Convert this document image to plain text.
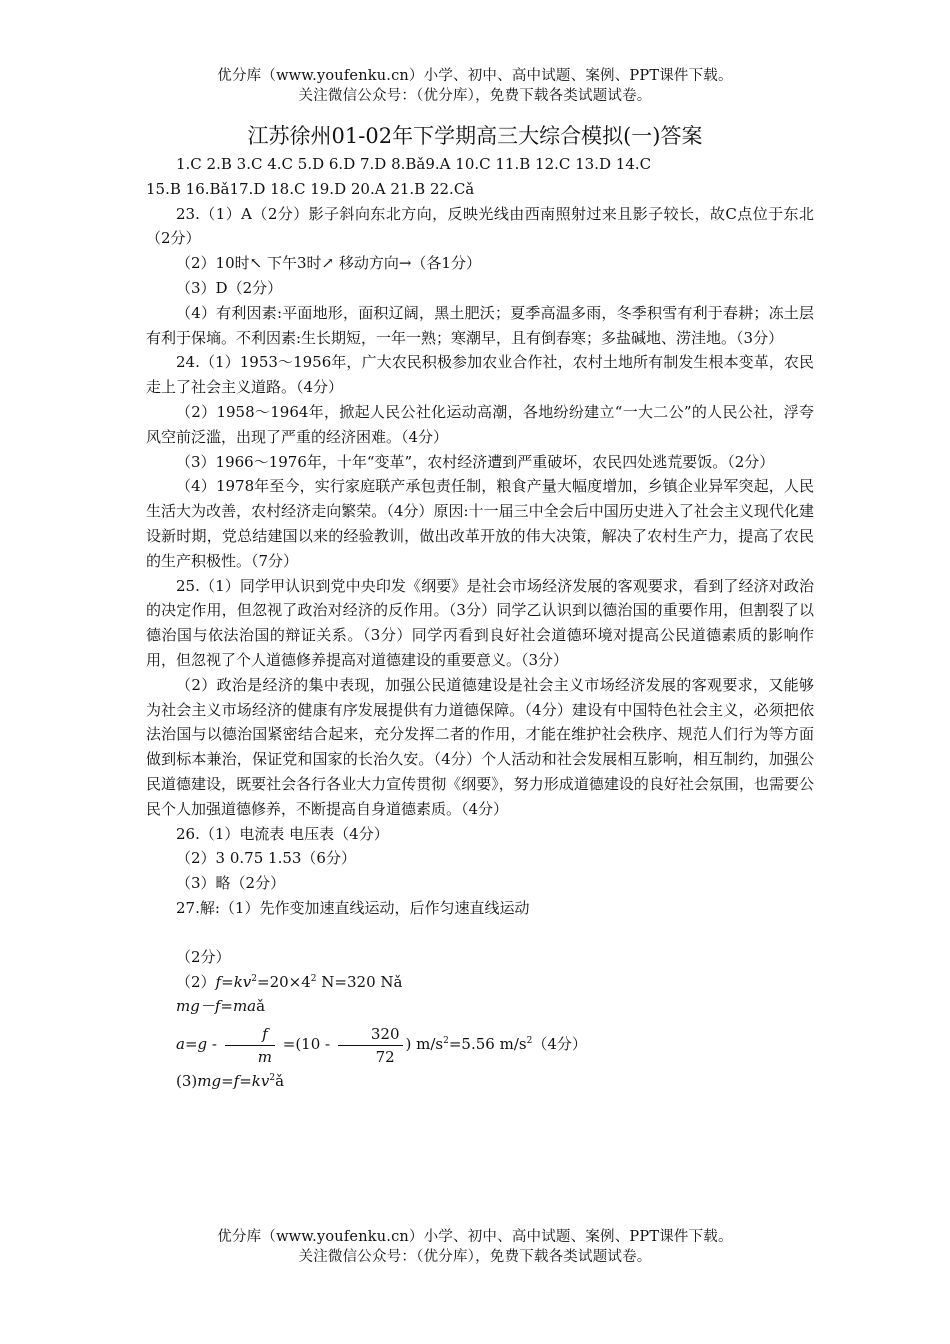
优分库（www.youfenku.cn）小学、初中、高中试题、案例、PPT课件下载。
关注微信公众号：（优分库），免费下载各类试题试卷。
江苏徐州01-02年下学期高三大综合模拟(一)答案

1.C 2.B 3.C 4.C 5.D 6.D 7.D 8.Bǎ9.A 10.C 11.B 12.C 13.D 14.C

15.B 16.Bǎ17.D 18.C 19.D 20.A 21.B 22.Cǎ

23.（1）A（2分）影子斜向东北方向，反映光线由西南照射过来且影子较长，故C点位于东北（2分）

（2）10时↖ 下午3时↗ 移动方向→（各1分）

（3）D（2分）

（4）有利因素:平面地形，面积辽阔，黑土肥沃；夏季高温多雨，冬季积雪有利于春耕；冻土层有利于保墒。不利因素:生长期短，一年一熟；寒潮早，且有倒春寒；多盐碱地、涝洼地。（3分）

24.（1）1953～1956年，广大农民积极参加农业合作社，农村土地所有制发生根本变革，农民走上了社会主义道路。（4分）

（2）1958～1964年，掀起人民公社化运动高潮，各地纷纷建立“一大二公”的人民公社，浮夸风空前泛滥，出现了严重的经济困难。（4分）

（3）1966～1976年，十年“变革”，农村经济遭到严重破坏，农民四处逃荒要饭。（2分）

（4）1978年至今，实行家庭联产承包责任制，粮食产量大幅度增加，乡镇企业异军突起，人民生活大为改善，农村经济走向繁荣。（4分）原因:十一届三中全会后中国历史进入了社会主义现代化建设新时期，党总结建国以来的经验教训，做出改革开放的伟大决策，解决了农村生产力，提高了农民的生产积极性。（7分）

25.（1）同学甲认识到党中央印发《纲要》是社会市场经济发展的客观要求，看到了经济对政治的决定作用，但忽视了政治对经济的反作用。（3分）同学乙认识到以德治国的重要作用，但割裂了以德治国与依法治国的辩证关系。（3分）同学丙看到良好社会道德环境对提高公民道德素质的影响作用，但忽视了个人道德修养提高对道德建设的重要意义。（3分）

（2）政治是经济的集中表现，加强公民道德建设是社会主义市场经济发展的客观要求，又能够为社会主义市场经济的健康有序发展提供有力道德保障。（4分）建设有中国特色社会主义，必须把依法治国与以德治国紧密结合起来，充分发挥二者的作用，才能在维护社会秩序、规范人们行为等方面做到标本兼治，保证党和国家的长治久安。（4分）个人活动和社会发展相互影响，相互制约，加强公民道德建设，既要社会各行各业大力宣传贯彻《纲要》，努力形成道德建设的良好社会氛围，也需要公民个人加强道德修养，不断提高自身道德素质。（4分）

26.（1）电流表 电压表（4分）

（2）3 0.75 1.53（6分）

（3）略（2分）

27.解:（1）先作变加速直线运动，后作匀速直线运动

（2分）

$(2)f=kv^2=20\times 4^2$ N=320 Nǎ

mg－f=maǎ

$a=g - \frac{f}{m} =(10 - \frac{320}{72}$ ) $m/s^2=5.56$ $m/s^2(4$分）

$(3)mg=f=kv^2ǎ$

优分库（www.youfenku.cn）小学、初中、高中试题、案例、PPT课件下载。
关注微信公众号：（优分库），免费下载各类试题试卷。
